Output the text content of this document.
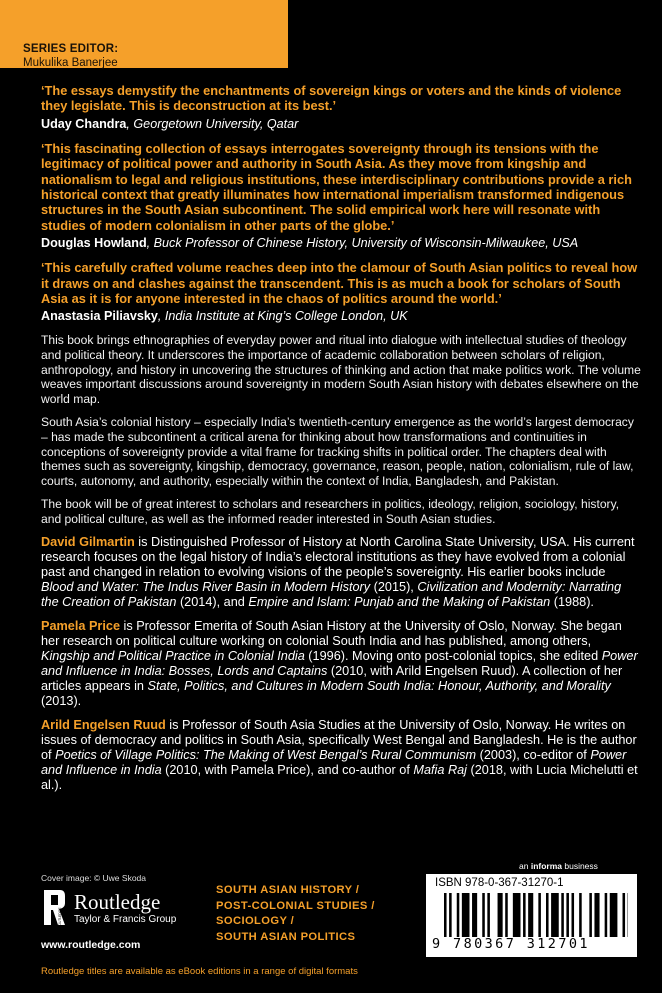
SERIES EDITOR:
Mukulika Banerjee
‘The essays demystify the enchantments of sovereign kings or voters and the kinds of violence they legislate. This is deconstruction at its best.’
Uday Chandra, Georgetown University, Qatar
‘This fascinating collection of essays interrogates sovereignty through its tensions with the legitimacy of political power and authority in South Asia. As they move from kingship and nationalism to legal and religious institutions, these interdisciplinary contributions provide a rich historical context that greatly illuminates how international imperialism transformed indigenous structures in the South Asian subcontinent. The solid empirical work here will resonate with studies of modern colonialism in other parts of the globe.’
Douglas Howland, Buck Professor of Chinese History, University of Wisconsin-Milwaukee, USA
‘This carefully crafted volume reaches deep into the clamour of South Asian politics to reveal how it draws on and clashes against the transcendent. This is as much a book for scholars of South Asia as it is for anyone interested in the chaos of politics around the world.’
Anastasia Piliavsky, India Institute at King’s College London, UK
This book brings ethnographies of everyday power and ritual into dialogue with intellectual studies of theology and political theory. It underscores the importance of academic collaboration between scholars of religion, anthropology, and history in uncovering the structures of thinking and action that make politics work. The volume weaves important discussions around sovereignty in modern South Asian history with debates elsewhere on the world map.
South Asia’s colonial history – especially India’s twentieth-century emergence as the world’s largest democracy – has made the subcontinent a critical arena for thinking about how transformations and continuities in conceptions of sovereignty provide a vital frame for tracking shifts in political order. The chapters deal with themes such as sovereignty, kingship, democracy, governance, reason, people, nation, colonialism, rule of law, courts, autonomy, and authority, especially within the context of India, Bangladesh, and Pakistan.
The book will be of great interest to scholars and researchers in politics, ideology, religion, sociology, history, and political culture, as well as the informed reader interested in South Asian studies.
David Gilmartin is Distinguished Professor of History at North Carolina State University, USA. His current research focuses on the legal history of India’s electoral institutions as they have evolved from a colonial past and changed in relation to evolving visions of the people’s sovereignty. His earlier books include Blood and Water: The Indus River Basin in Modern History (2015), Civilization and Modernity: Narrating the Creation of Pakistan (2014), and Empire and Islam: Punjab and the Making of Pakistan (1988).
Pamela Price is Professor Emerita of South Asian History at the University of Oslo, Norway. She began her research on political culture working on colonial South India and has published, among others, Kingship and Political Practice in Colonial India (1996). Moving onto post-colonial topics, she edited Power and Influence in India: Bosses, Lords and Captains (2010, with Arild Engelsen Ruud). A collection of her articles appears in State, Politics, and Cultures in Modern South India: Honour, Authority, and Morality (2013).
Arild Engelsen Ruud is Professor of South Asia Studies at the University of Oslo, Norway. He writes on issues of democracy and politics in South Asia, specifically West Bengal and Bangladesh. He is the author of Poetics of Village Politics: The Making of West Bengal’s Rural Communism (2003), co-editor of Power and Influence in India (2010, with Pamela Price), and co-author of Mafia Raj (2018, with Lucia Michelutti et al.).
Cover image: © Uwe Skoda
ROUTLEDGE
Routledge
Taylor & Francis Group
www.routledge.com
SOUTH ASIAN HISTORY /
POST-COLONIAL STUDIES /
SOCIOLOGY /
SOUTH ASIAN POLITICS
an informa business
ISBN 978-0-367-31270-1
9 780367 312701
Routledge titles are available as eBook editions in a range of digital formats
